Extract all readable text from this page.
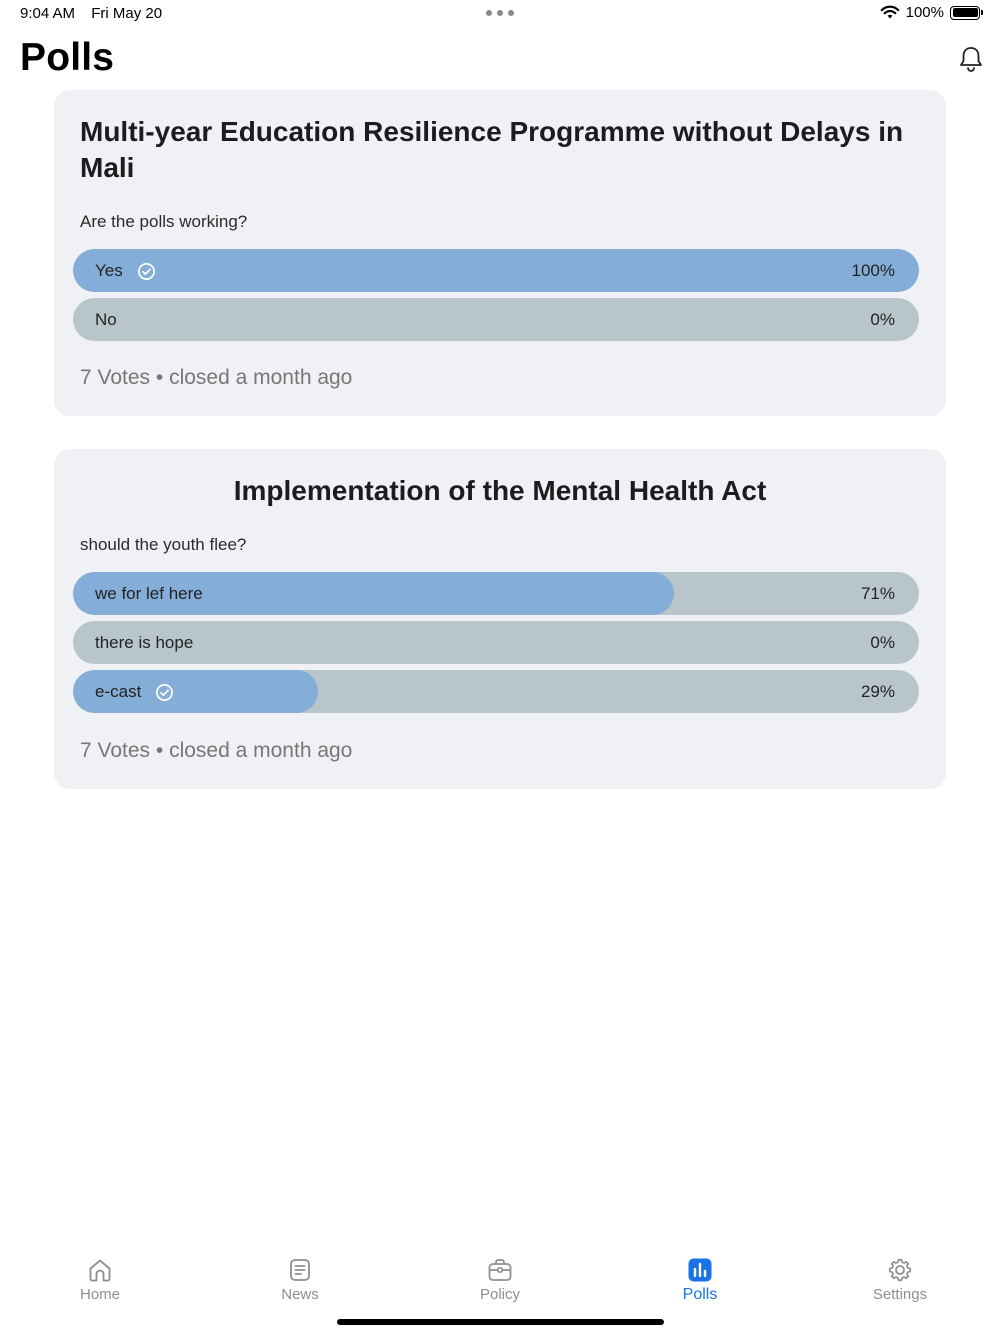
9:04 AM Fri May 20	100%
Polls
Multi-year Education Resilience Programme without Delays in Mali
Are the polls working?
Yes	100%
No	0%
7 Votes • closed a month ago
Implementation of the Mental Health Act
should the youth flee?
we for lef here	71%
there is hope	0%
e-cast	29%
7 Votes • closed a month ago
Home	News	Policy	Polls	Settings
